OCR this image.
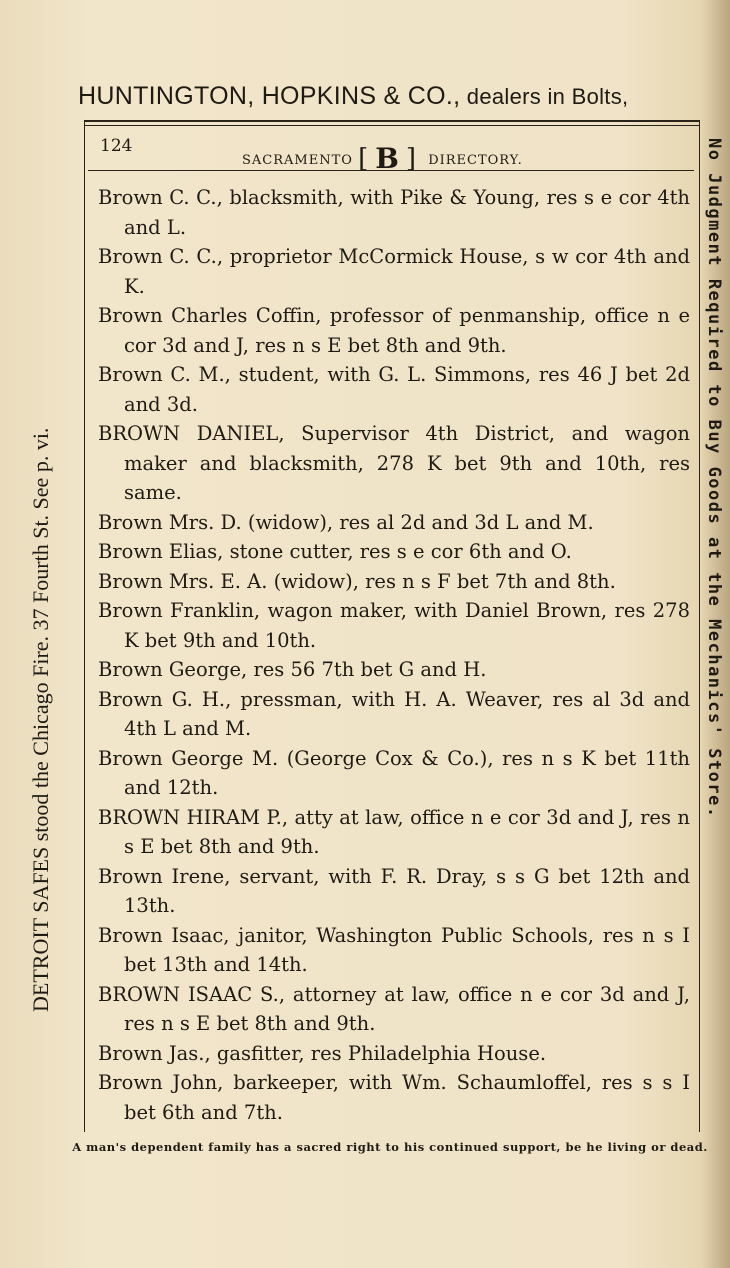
HUNTINGTON, HOPKINS & CO., dealers in Bolts,
124
SACRAMENTO [ B ] DIRECTORY.
Brown C. C., blacksmith, with Pike & Young, res s e cor 4th and L.
Brown C. C., proprietor McCormick House, s w cor 4th and K.
Brown Charles Coffin, professor of penmanship, office n e cor 3d and J, res n s E bet 8th and 9th.
Brown C. M., student, with G. L. Simmons, res 46 J bet 2d and 3d.
BROWN DANIEL, Supervisor 4th District, and wagon maker and blacksmith, 278 K bet 9th and 10th, res same.
Brown Mrs. D. (widow), res al 2d and 3d L and M.
Brown Elias, stone cutter, res s e cor 6th and O.
Brown Mrs. E. A. (widow), res n s F bet 7th and 8th.
Brown Franklin, wagon maker, with Daniel Brown, res 278 K bet 9th and 10th.
Brown George, res 56 7th bet G and H.
Brown G. H., pressman, with H. A. Weaver, res al 3d and 4th L and M.
Brown George M. (George Cox & Co.), res n s K bet 11th and 12th.
BROWN HIRAM P., atty at law, office n e cor 3d and J, res n s E bet 8th and 9th.
Brown Irene, servant, with F. R. Dray, s s G bet 12th and 13th.
Brown Isaac, janitor, Washington Public Schools, res n s I bet 13th and 14th.
BROWN ISAAC S., attorney at law, office n e cor 3d and J, res n s E bet 8th and 9th.
Brown Jas., gasfitter, res Philadelphia House.
Brown John, barkeeper, with Wm. Schaumloffel, res s s I bet 6th and 7th.
DETROIT SAFES stood the Chicago Fire. 37 Fourth St. See p. vi.	No Judgment Required to Buy Goods at the Mechanics' Store.
A man's dependent family has a sacred right to his continued support, be he living or dead.
